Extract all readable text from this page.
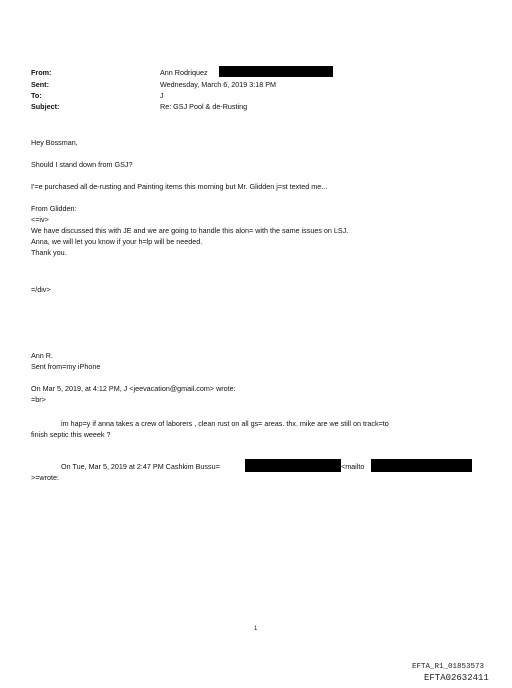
From:
Sent:
To:
Subject:
Ann Rodriquez
Wednesday, March 6, 2019 3:18 PM
J
Re: GSJ Pool & de-Rusting
Hey Bossman,
Should I stand down from GSJ?
I'=e purchased all de-rusting and Painting items this morning but Mr. Glidden j=st texted me...
From Glidden:
<=iv>
We have discussed this with JE and we are going to handle this alon= with the same issues on LSJ.
Anna, we will let you know if your h=lp will be needed.
Thank you.
=/div>
Ann R.
Sent from=my iPhone
On Mar 5, 2019, at 4:12 PM, J <jeevacation@gmail.com> wrote:
=br>
im hap=y if anna takes a crew of laborers , clean rust on all gs= areas. thx. mike are we still on track=to
finish septic this weeek ?
On Tue, Mar 5, 2019 at 2:47 PM Cashkim Bussu=	<mailto
>=wrote:
1
EFTA_R1_01853573
EFTA02632411
